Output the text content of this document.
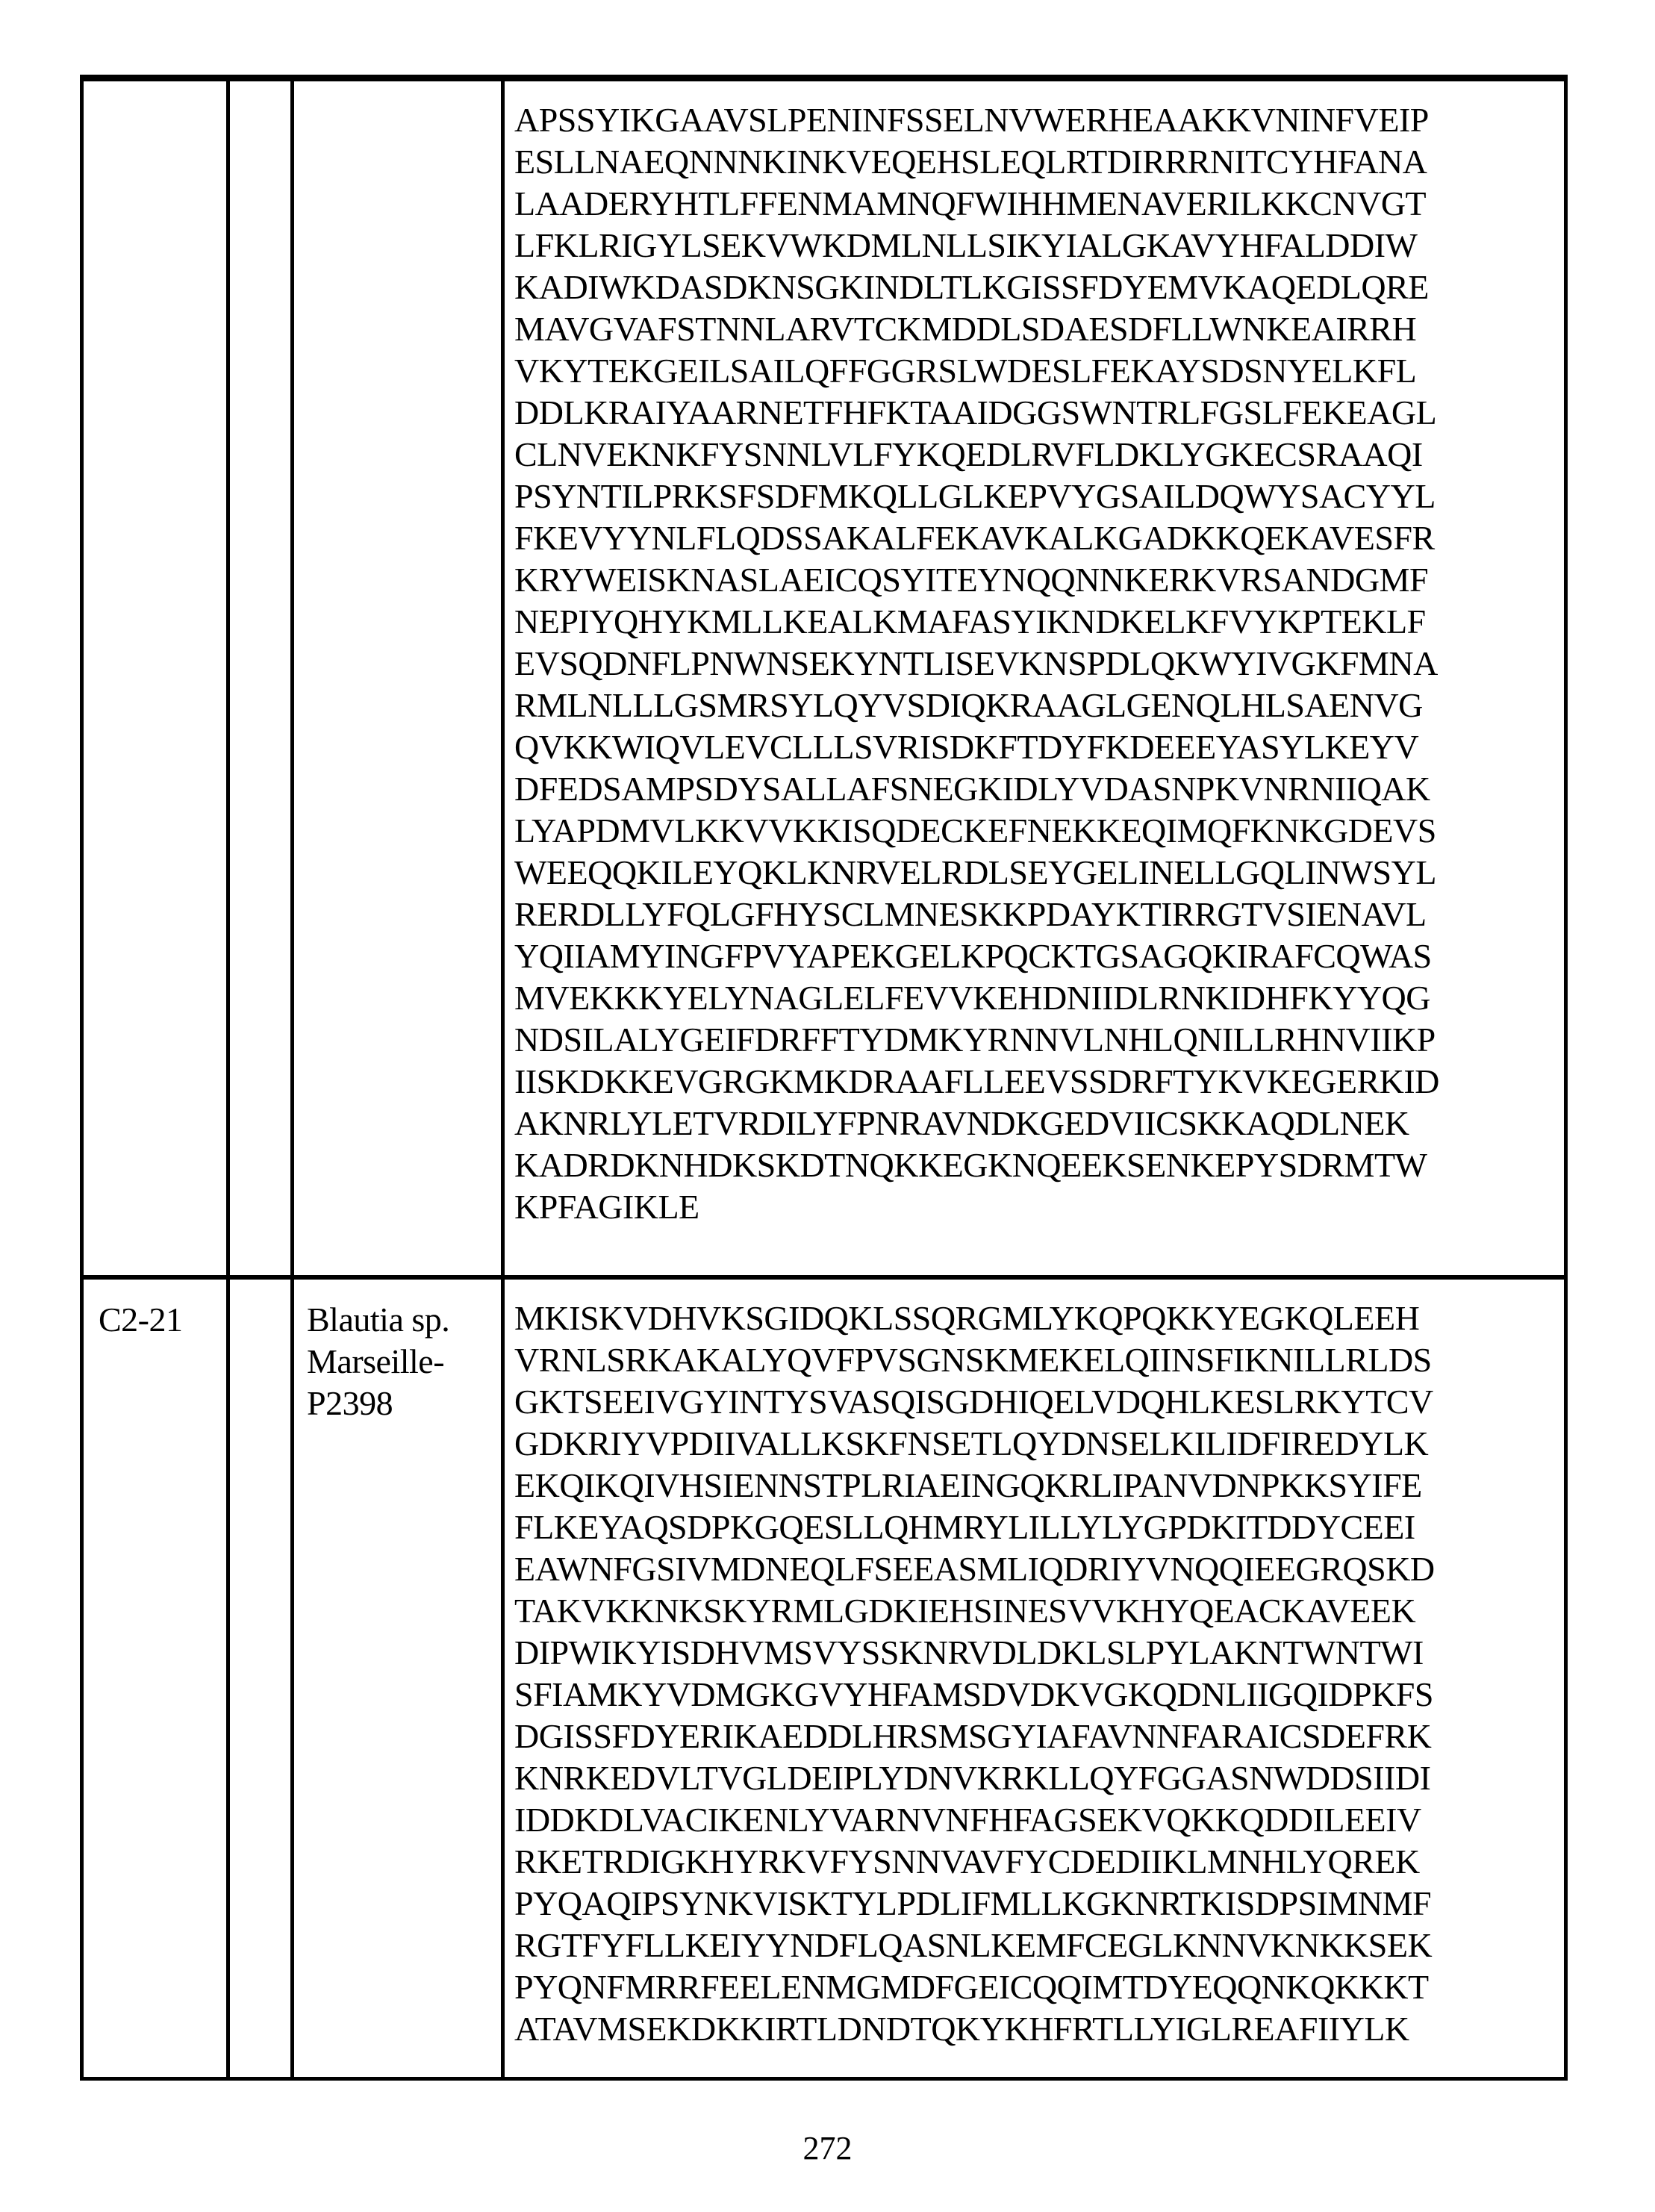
APSSYIKGAAVSLPENINFSSELNVWERHEAAKKVNINFVEIP
ESLLNAEQNNNKINKVEQEHSLEQLRTDIRRRNITCYHFANA
LAADERYHTLFFENMAMNQFWIHHMENAVERILKKCNVGT
LFKLRIGYLSEKVWKDMLNLLSIKYIALGKAVYHFALDDIW
KADIWKDASDKNSGKINDLTLKGISSFDYEMVKAQEDLQRE
MAVGVAFSTNNLARVTCKMDDLSDAESDFLLWNKEAIRRH
VKYTEKGEILSAILQFFGGRSLWDESLFEKAYSDSNYELKFL
DDLKRAIYAARNETFHFKTAAIDGGSWNTRLFGSLFEKEAGL
CLNVEKNKFYSNNLVLFYKQEDLRVFLDKLYGKECSRAAQI
PSYNTILPRKSFSDFMKQLLGLKEPVYGSAILDQWYSACYYL
FKEVYYNLFLQDSSAKALFEKAVKALKGADKKQEKAVESFR
KRYWEISKNASLAEICQSYITEYNQQNNKERKVRSANDGMF
NEPIYQHYKMLLKEALKMAFASYIKNDKELKFVYKPTEKLF
EVSQDNFLPNWNSEKYNTLISEVKNSPDLQKWYIVGKFMNA
RMLNLLLGSMRSYLQYVSDIQKRAAGLGENQLHLSAENVG
QVKKWIQVLEVCLLLSVRISDKFTDYFKDEEEYASYLKEYV
DFEDSAMPSDYSALLAFSNEGKIDLYVDASNPKVNRNIIQAK
LYAPDMVLKKVVKKISQDECKEFNEKKEQIMQFKNKGDEVS
WEEQQKILEYQKLKNRVELRDLSEYGELINELLGQLINWSYL
RERDLLYFQLGFHYSCLMNESKKPDAYKTIRRGTVSIENAVL
YQIIAMYINGFPVYAPEKGELKPQCKTGSAGQKIRAFCQWAS
MVEKKKYELYNAGLELFEVVKEHDNIIDLRNKIDHFKYYQG
NDSILALYGEIFDRFFTYDMKYRNNVLNHLQNILLRHNVIIKP
IISKDKKEVGRGKMKDRAAFLLEEVSSDRFTYKVKEGERKID
AKNRLYLETVRDILYFPNRAVNDKGEDVIICSKKAQDLNEK
KADRDKNHDKSKDTNQKKEGKNQEEKSENKEPYSDRMTW
KPFAGIKLE
C2-21	Blautia sp.
Marseille-
P2398
MKISKVDHVKSGIDQKLSSQRGMLYKQPQKKYEGKQLEEH
VRNLSRKAKALYQVFPVSGNSKMEKELQIINSFIKNILLRLDS
GKTSEEIVGYINTYSVASQISGDHIQELVDQHLKESLRKYTCV
GDKRIYVPDIIVALLKSKFNSETLQYDNSELKILIDFIREDYLK
EKQIKQIVHSIENNSTPLRIAEINGQKRLIPANVDNPKKSYIFE
FLKEYAQSDPKGQESLLQHMRYLILLYLYGPDKITDDYCEEI
EAWNFGSIVMDNEQLFSEEASMLIQDRIYVNQQIEEGRQSKD
TAKVKKNKSKYRMLGDKIEHSINESVVKHYQEACKAVEEK
DIPWIKYISDHVMSVYSSKNRVDLDKLSLPYLAKNTWNTWI
SFIAMKYVDMGKGVYHFAMSDVDKVGKQDNLIIGQIDPKFS
DGISSFDYERIKAEDDLHRSMSGYIAFAVNNFARAICSDEFRK
KNRKEDVLTVGLDEIPLYDNVKRKLLQYFGGASNWDDSIIDI
IDDKDLVACIKENLYVARNVNFHFAGSEKVQKKQDDILEEIV
RKETRDIGKHYRKVFYSNNVAVFYCDEDIIKLMNHLYQREK
PYQAQIPSYNKVISKTYLPDLIFMLLKGKNRTKISDPSIMNMF
RGTFYFLLKEIYYNDFLQASNLKEMFCEGLKNNVKNKKSEK
PYQNFMRRFEELENMGMDFGEICQQIMTDYEQQNKQKKKT
ATAVMSEKDKKIRTLDNDTQKYKHFRTLLYIGLREAFIIYLK
272
